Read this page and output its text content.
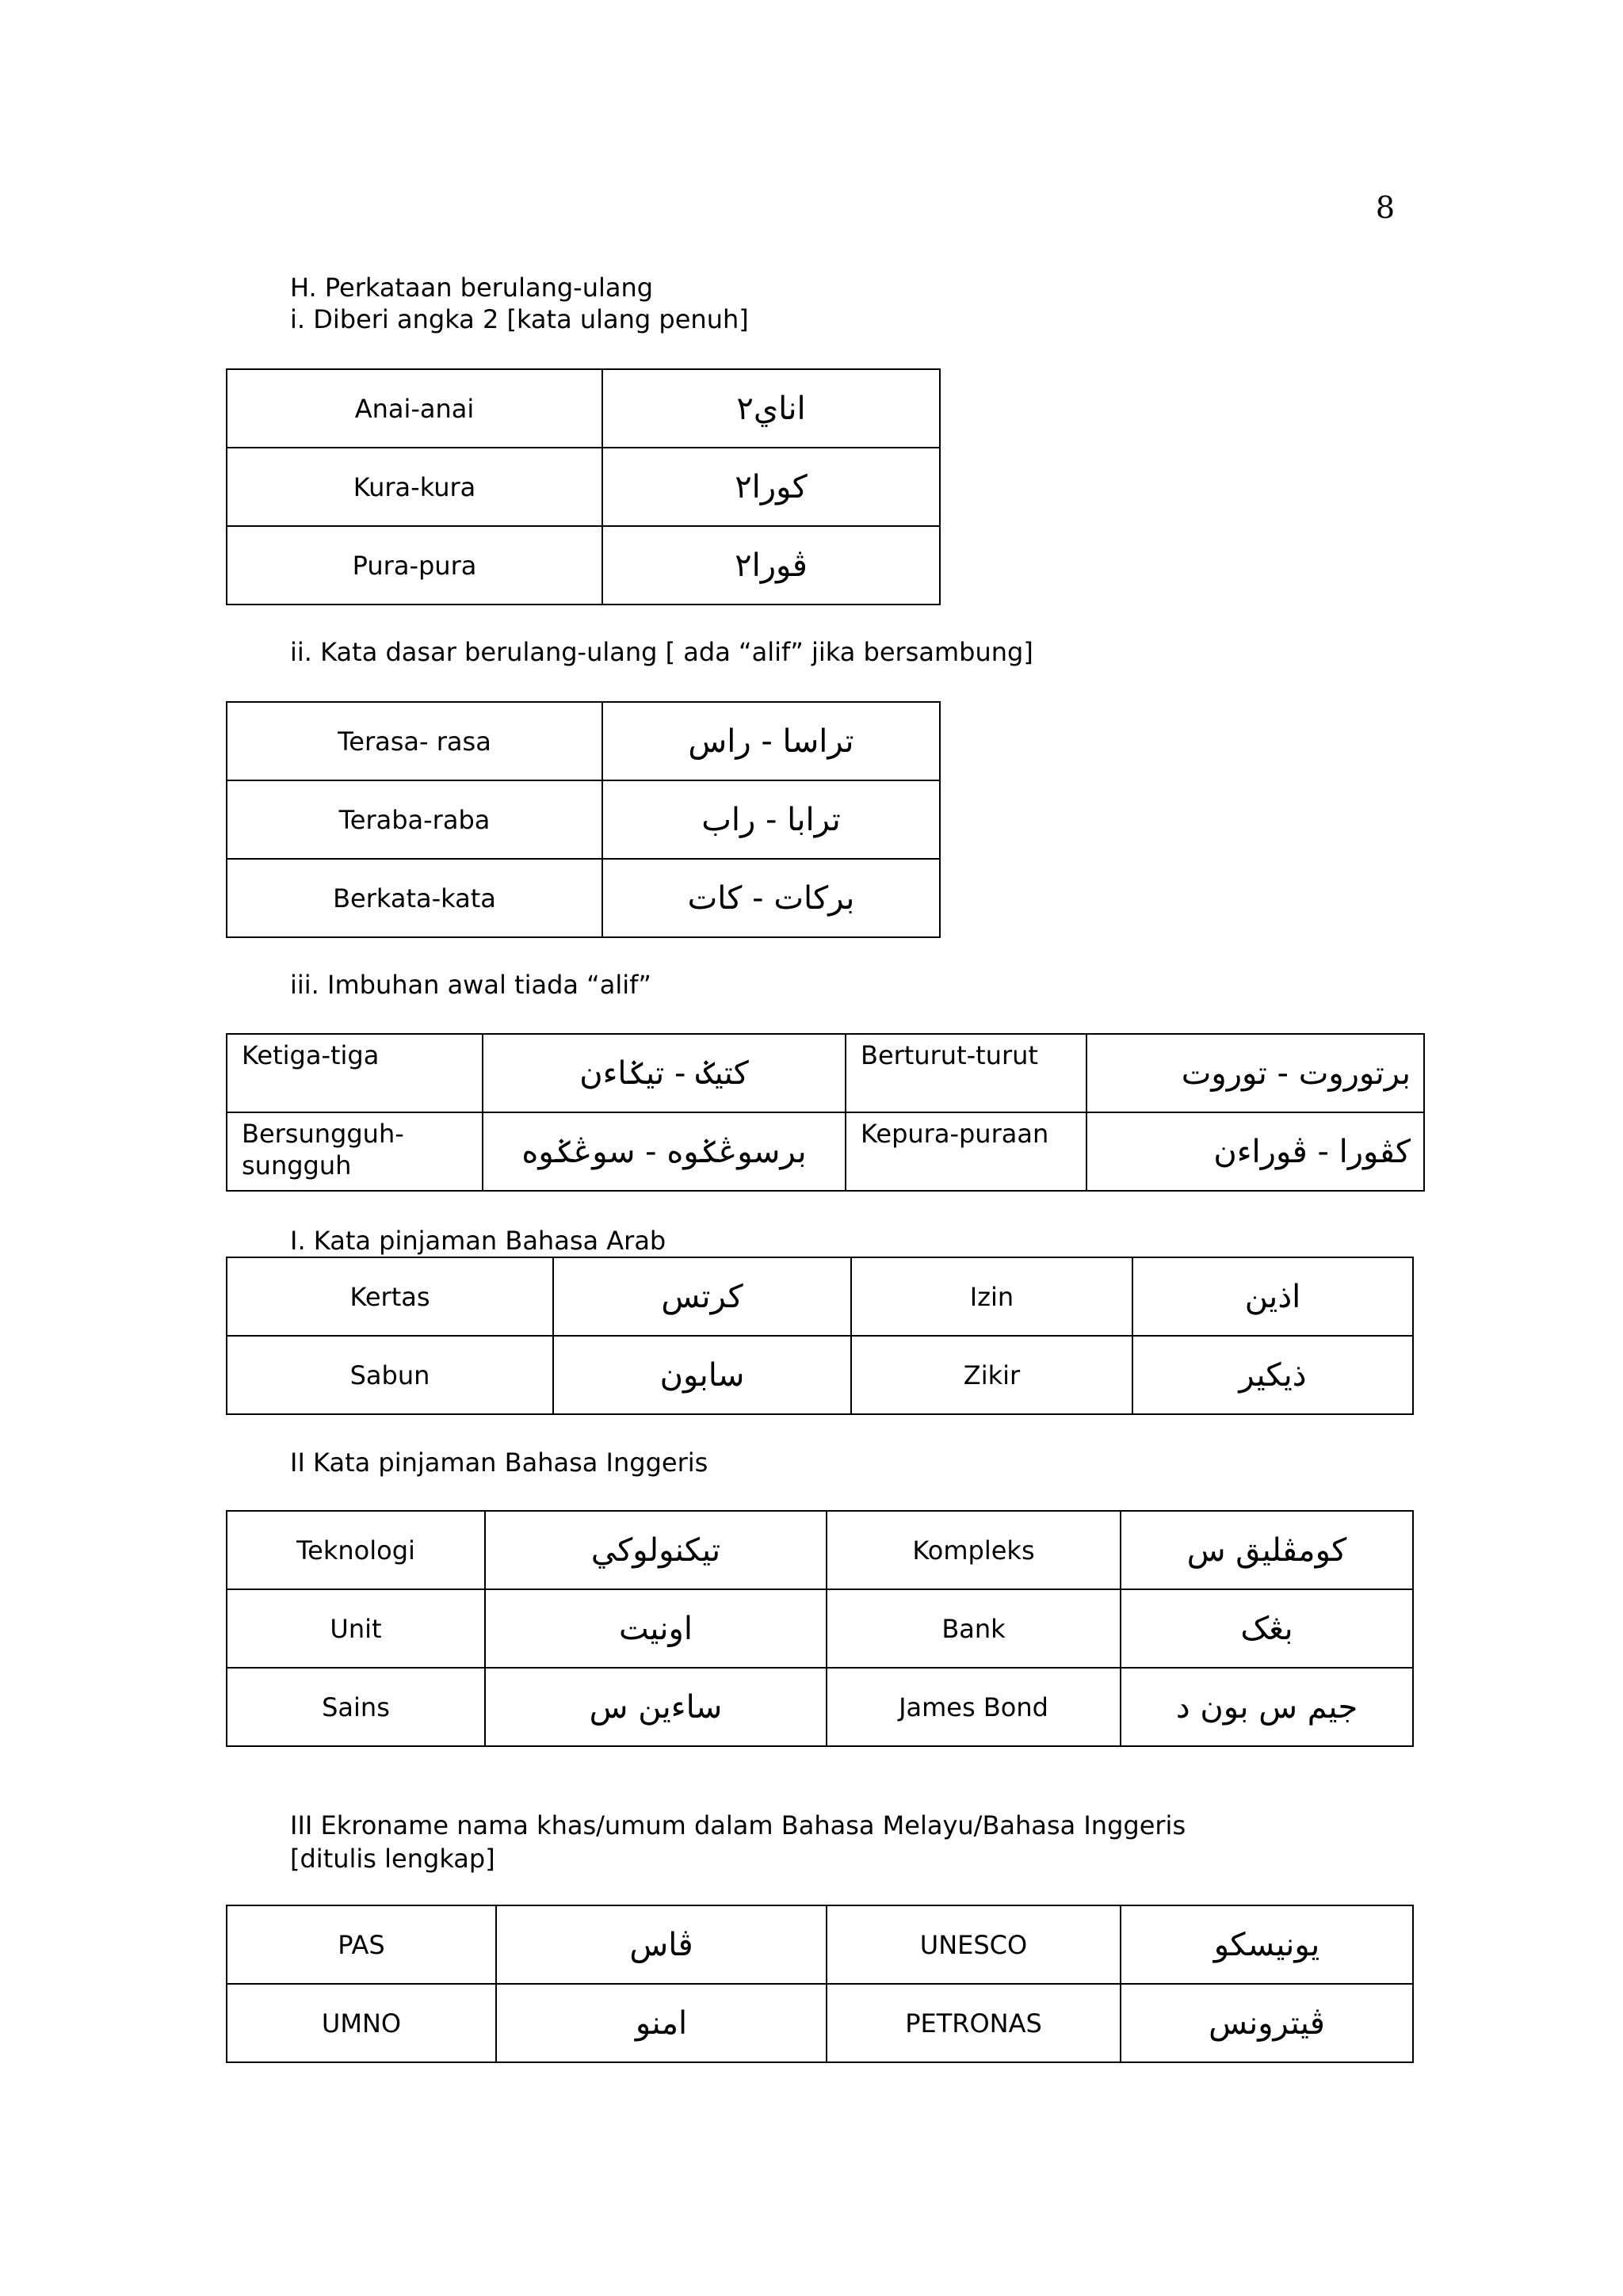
8
H. Perkataan berulang-ulang
i. Diberi angka 2 [kata ulang penuh]
Anai-anai	اناي٢
Kura-kura	کورا٢
Pura-pura	ڤورا٢
ii. Kata dasar berulang-ulang [ ada “alif” jika bersambung]
Terasa- rasa	تراسا - راس
Teraba-raba	ترابا - راب
Berkata-kata	برکات - کات
iii. Imbuhan awal tiada “alif”
Ketiga-tiga	کتيݢ - تيݢاءن	Berturut-turut	برتوروت - توروت
Bersungguh-
sungguh	برسوڠݢوه - سوڠݢوه	Kepura-puraan	کڤورا - ڤوراءن
I. Kata pinjaman Bahasa Arab
Kertas	کرتس	Izin	اذين
Sabun	سابون	Zikir	ذيکير
II Kata pinjaman Bahasa Inggeris
Teknologi	تيکنولوکي	Kompleks	کومڤليق س
Unit	اونيت	Bank	بڠک
Sains	ساءين س	James Bond	جيم س بون د
III Ekroname nama khas/umum dalam Bahasa Melayu/Bahasa Inggeris
[ditulis lengkap]
PAS	ڤاس	UNESCO	يونيسکو
UMNO	امنو	PETRONAS	ڤيترونس
